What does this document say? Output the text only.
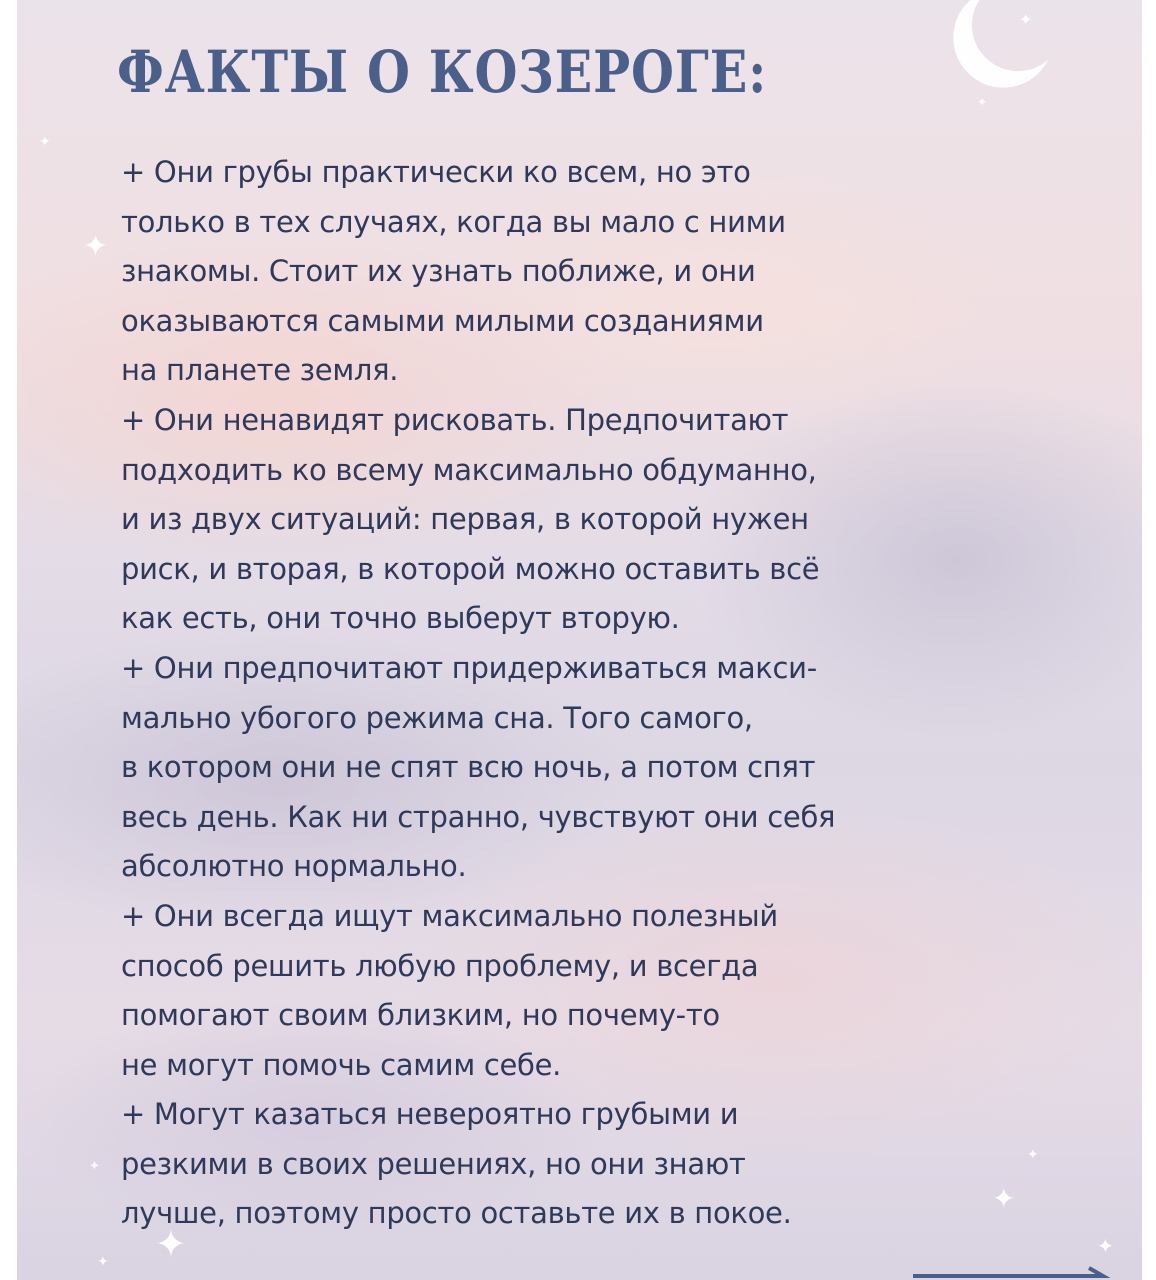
✦
✦
✦
✦
✦
✦
✦
✦
✦
✦
ФАКТЫ О КОЗЕРОГЕ:
+ Они грубы практически ко всем, но это
только в тех случаях, когда вы мало с ними
знакомы. Стоит их узнать поближе, и они
оказываются самыми милыми созданиями
на планете земля.
+ Они ненавидят рисковать. Предпочитают
подходить ко всему максимально обдуманно,
и из двух ситуаций: первая, в которой нужен
риск, и вторая, в которой можно оставить всё
как есть, они точно выберут вторую.
+ Они предпочитают придерживаться макси-
мально убогого режима сна. Того самого,
в котором они не спят всю ночь, а потом спят
весь день. Как ни странно, чувствуют они себя
абсолютно нормально.
+ Они всегда ищут максимально полезный
способ решить любую проблему, и всегда
помогают своим близким, но почему-то
не могут помочь самим себе.
+ Могут казаться невероятно грубыми и
резкими в своих решениях, но они знают
лучше, поэтому просто оставьте их в покое.
